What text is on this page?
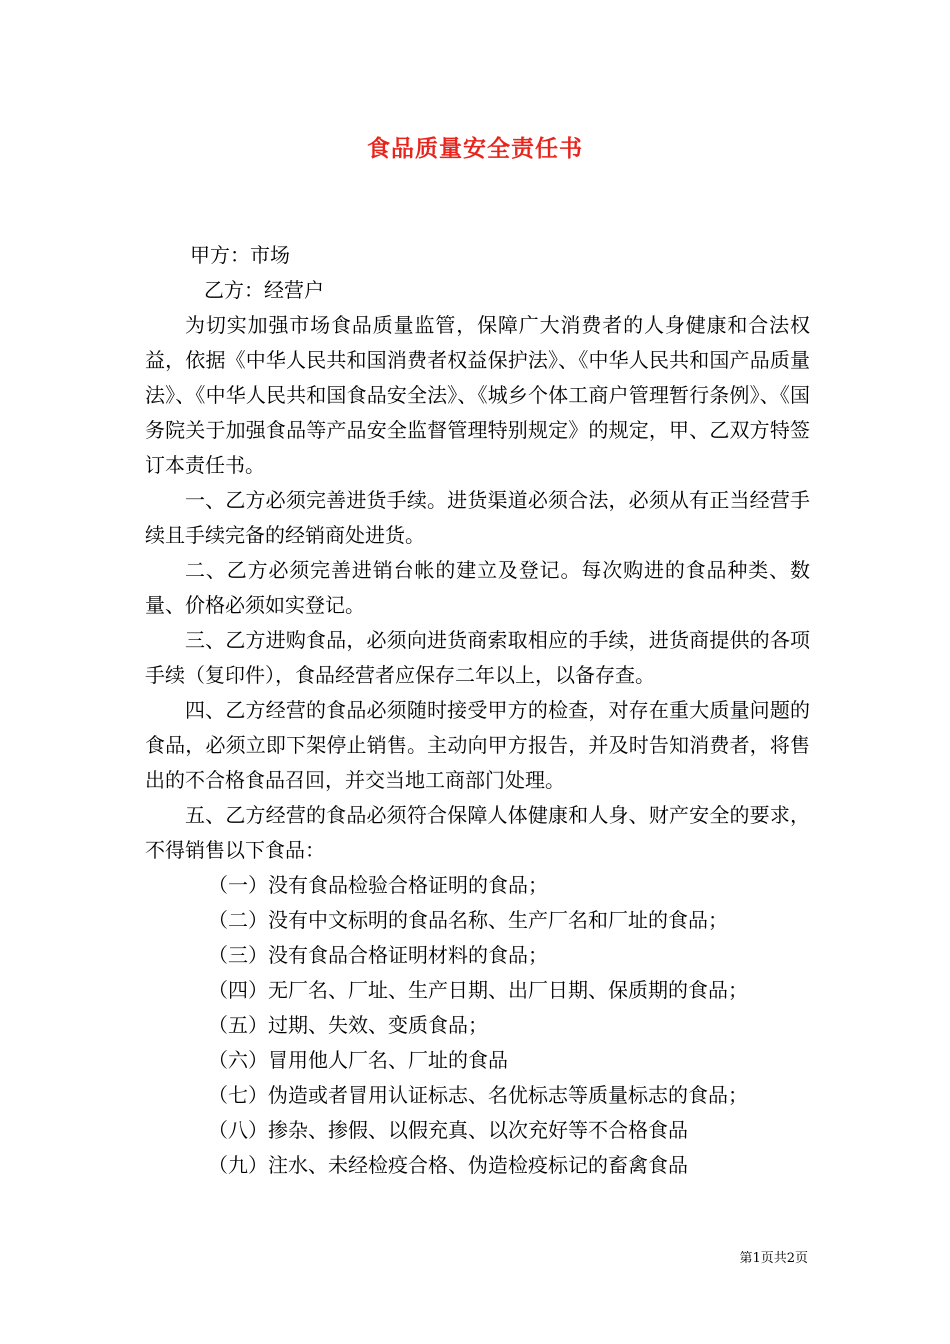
食品质量安全责任书

甲方：市场

乙方：经营户

为切实加强市场食品质量监管，保障广大消费者的人身健康和合法权益，依据《中华人民共和国消费者权益保护法》、《中华人民共和国产品质量法》、《中华人民共和国食品安全法》、《城乡个体工商户管理暂行条例》、《国务院关于加强食品等产品安全监督管理特别规定》的规定，甲、乙双方特签订本责任书。

一、乙方必须完善进货手续。进货渠道必须合法，必须从有正当经营手续且手续完备的经销商处进货。

二、乙方必须完善进销台帐的建立及登记。每次购进的食品种类、数量、价格必须如实登记。

三、乙方进购食品，必须向进货商索取相应的手续，进货商提供的各项手续（复印件），食品经营者应保存二年以上，以备存查。

四、乙方经营的食品必须随时接受甲方的检查，对存在重大质量问题的食品，必须立即下架停止销售。主动向甲方报告，并及时告知消费者，将售出的不合格食品召回，并交当地工商部门处理。

五、乙方经营的食品必须符合保障人体健康和人身、财产安全的要求，不得销售以下食品：

（一）没有食品检验合格证明的食品；

（二）没有中文标明的食品名称、生产厂名和厂址的食品；

（三）没有食品合格证明材料的食品；

（四）无厂名、厂址、生产日期、出厂日期、保质期的食品；

（五）过期、失效、变质食品；

（六）冒用他人厂名、厂址的食品

（七）伪造或者冒用认证标志、名优标志等质量标志的食品；

（八）掺杂、掺假、以假充真、以次充好等不合格食品

（九）注水、未经检疫合格、伪造检疫标记的畜禽食品

第1页共2页
